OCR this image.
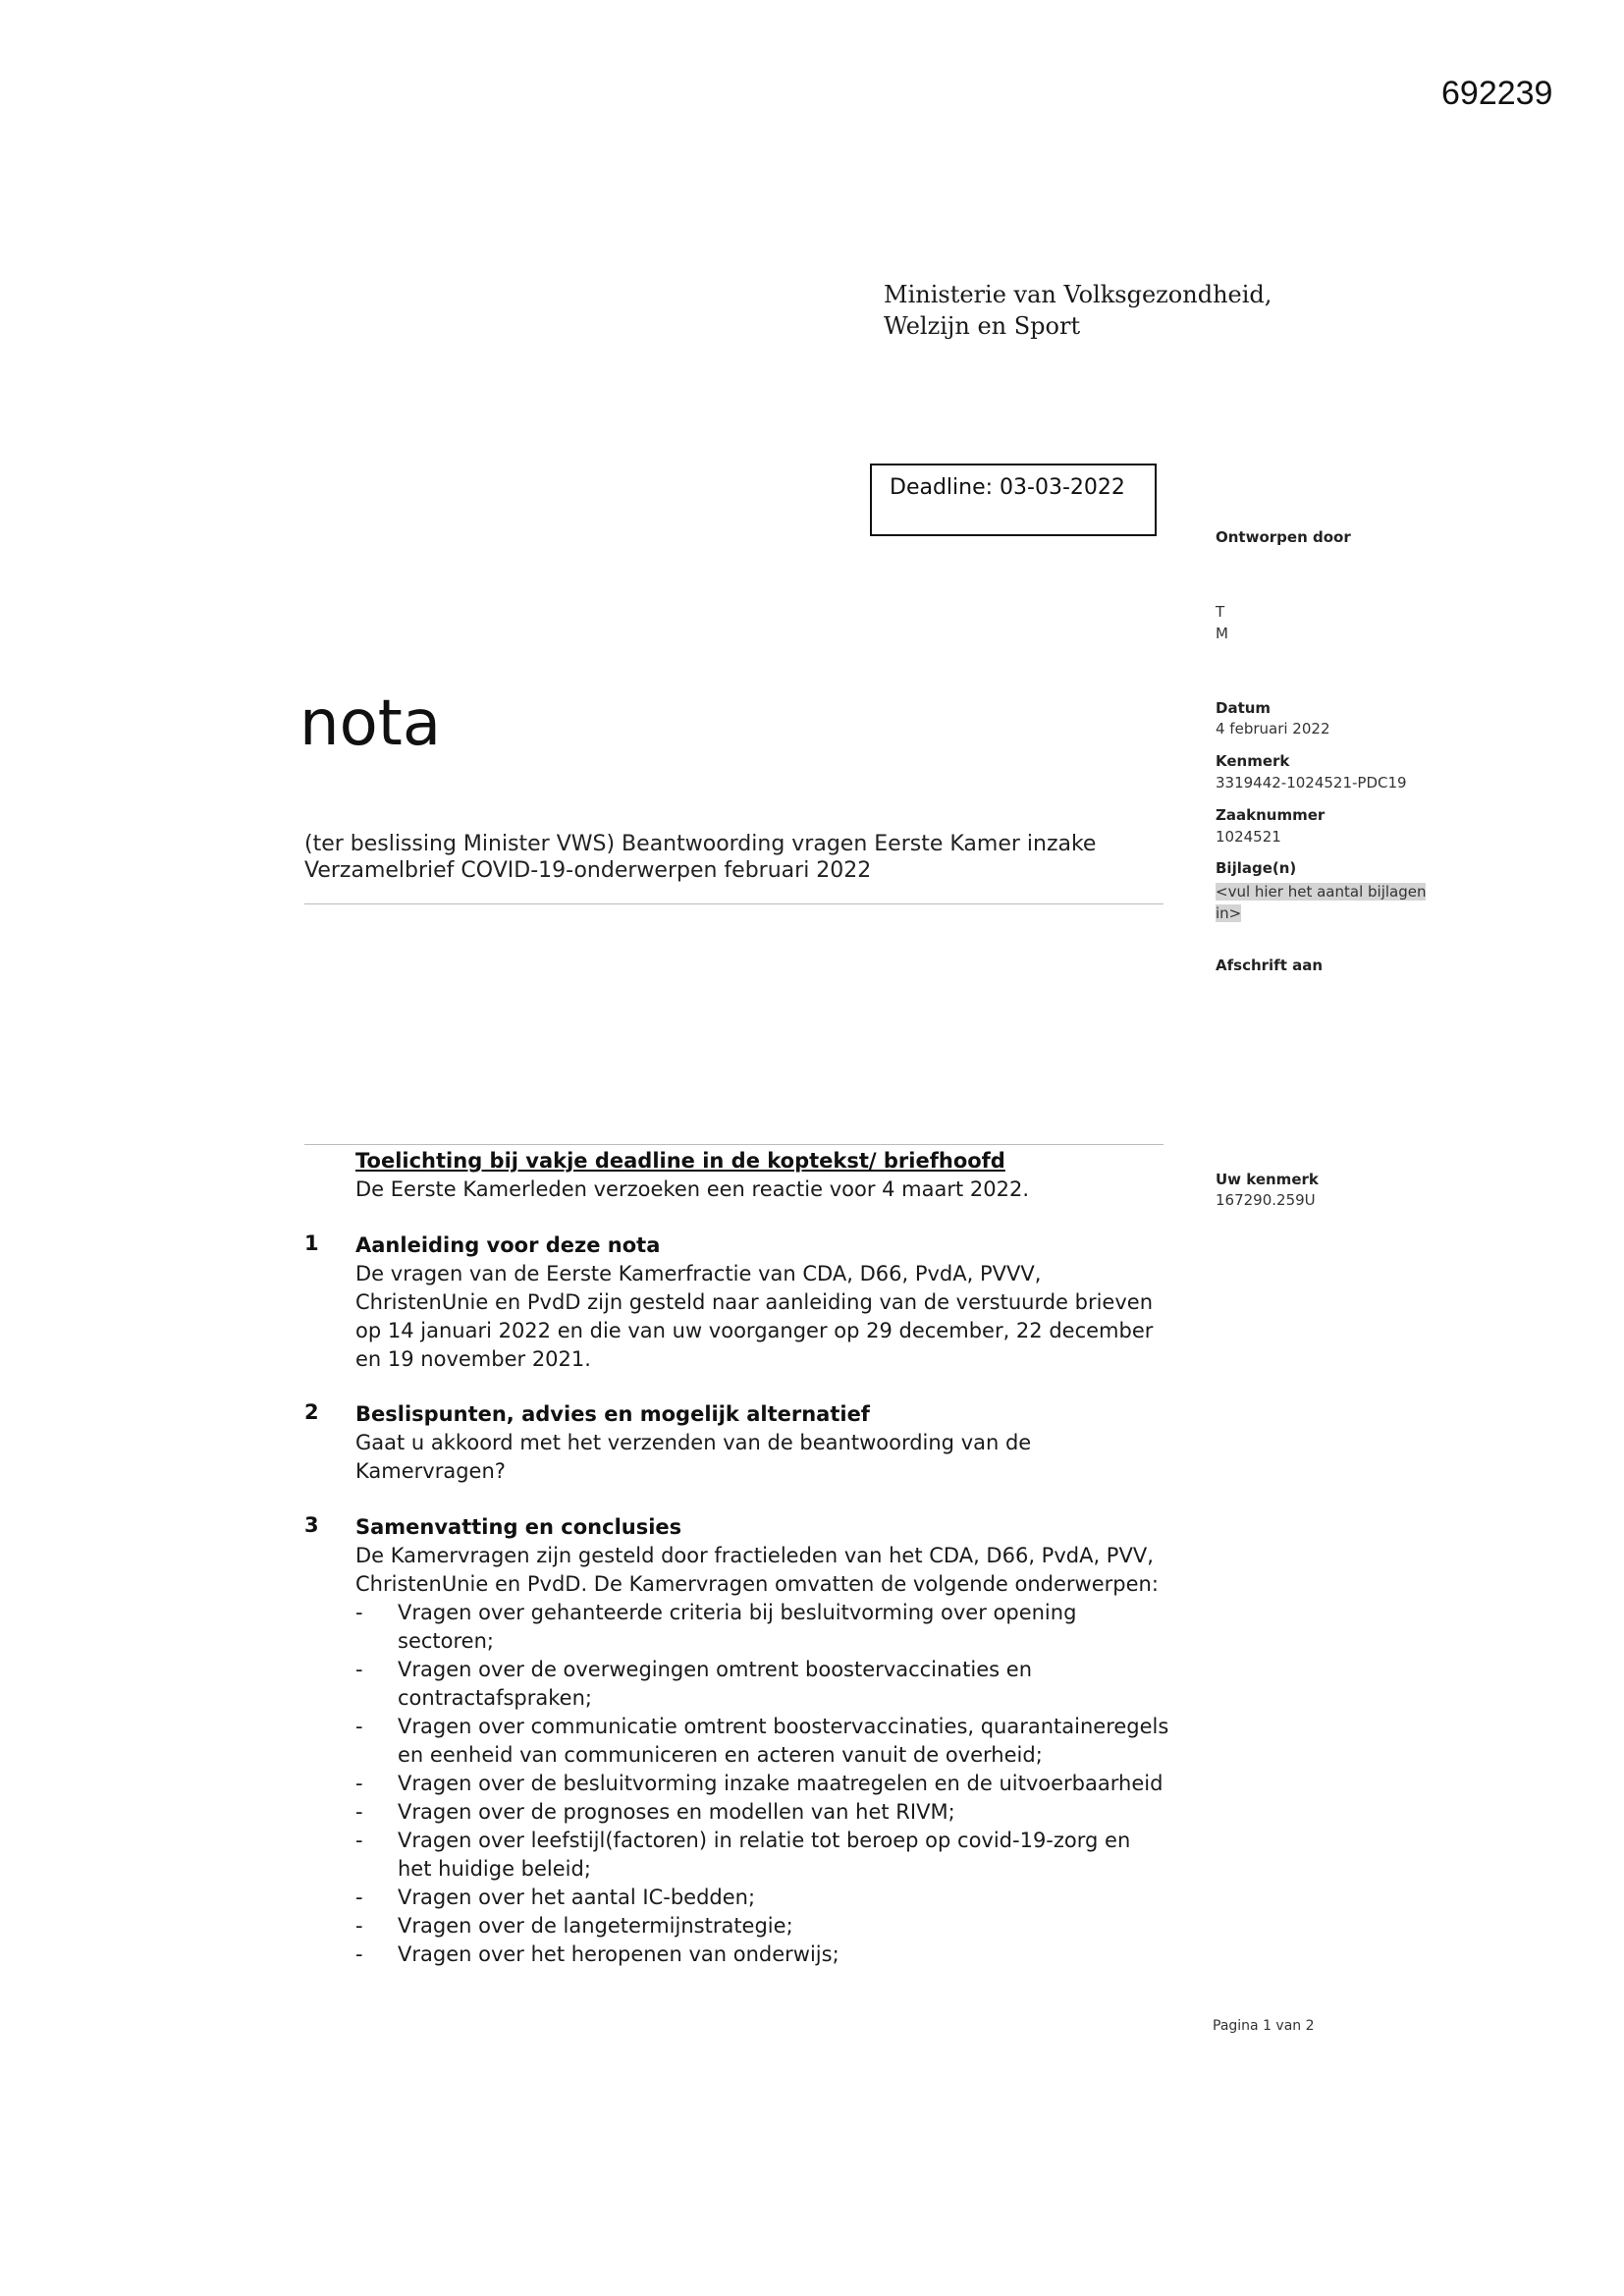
692239
Ministerie van Volksgezondheid,
Welzijn en Sport
Deadline: 03-03-2022
Ontworpen door
T
M
Datum
4 februari 2022
Kenmerk
3319442-1024521-PDC19
Zaaknummer
1024521
Bijlage(n)
<vul hier het aantal bijlagen
in>
Afschrift aan
Uw kenmerk
167290.259U
nota
(ter beslissing Minister VWS) Beantwoording vragen Eerste Kamer inzake
Verzamelbrief COVID-19-onderwerpen februari 2022
Toelichting bij vakje deadline in de koptekst/ briefhoofd
De Eerste Kamerleden verzoeken een reactie voor 4 maart 2022.
1 Aanleiding voor deze nota
De vragen van de Eerste Kamerfractie van CDA, D66, PvdA, PVVV,
ChristenUnie en PvdD zijn gesteld naar aanleiding van de verstuurde brieven
op 14 januari 2022 en die van uw voorganger op 29 december, 22 december
en 19 november 2021.
2 Beslispunten, advies en mogelijk alternatief
Gaat u akkoord met het verzenden van de beantwoording van de
Kamervragen?
3 Samenvatting en conclusies
De Kamervragen zijn gesteld door fractieleden van het CDA, D66, PvdA, PVV,
ChristenUnie en PvdD. De Kamervragen omvatten de volgende onderwerpen:
- Vragen over gehanteerde criteria bij besluitvorming over opening
sectoren;
- Vragen over de overwegingen omtrent boostervaccinaties en
contractafspraken;
- Vragen over communicatie omtrent boostervaccinaties, quarantaineregels
en eenheid van communiceren en acteren vanuit de overheid;
- Vragen over de besluitvorming inzake maatregelen en de uitvoerbaarheid
- Vragen over de prognoses en modellen van het RIVM;
- Vragen over leefstijl(factoren) in relatie tot beroep op covid-19-zorg en
het huidige beleid;
- Vragen over het aantal IC-bedden;
- Vragen over de langetermijnstrategie;
- Vragen over het heropenen van onderwijs;
Pagina 1 van 2
